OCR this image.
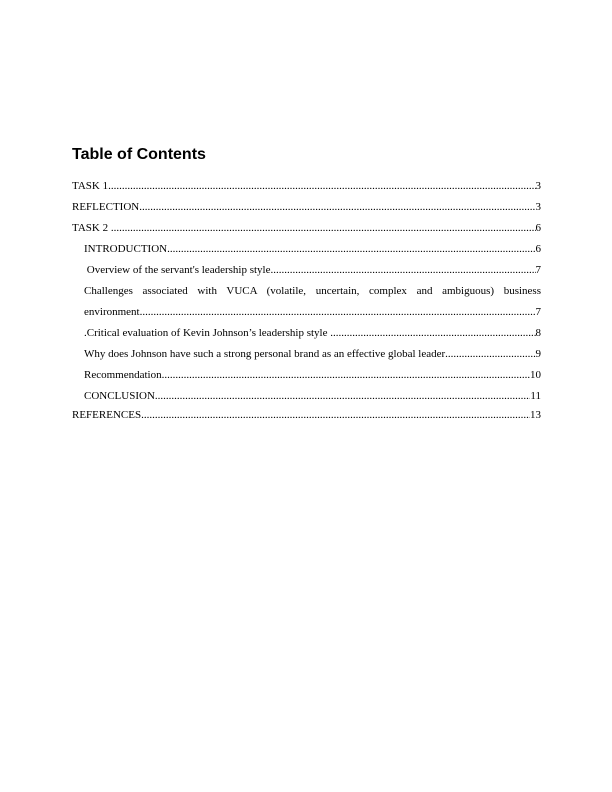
Table of Contents
TASK 1 .....	3
REFLECTION .....	3
TASK 2 .....	6
INTRODUCTION .....	6
Overview of the servant's leadership style .....	7
Challenges associated with VUCA (volatile, uncertain, complex and ambiguous) business
environment .....	7
.Critical evaluation of Kevin Johnson’s leadership style .....	8
Why does Johnson have such a strong personal brand as an effective global leader .....	9
Recommendation .....	10
CONCLUSION .....	11
REFERENCES .....	13
